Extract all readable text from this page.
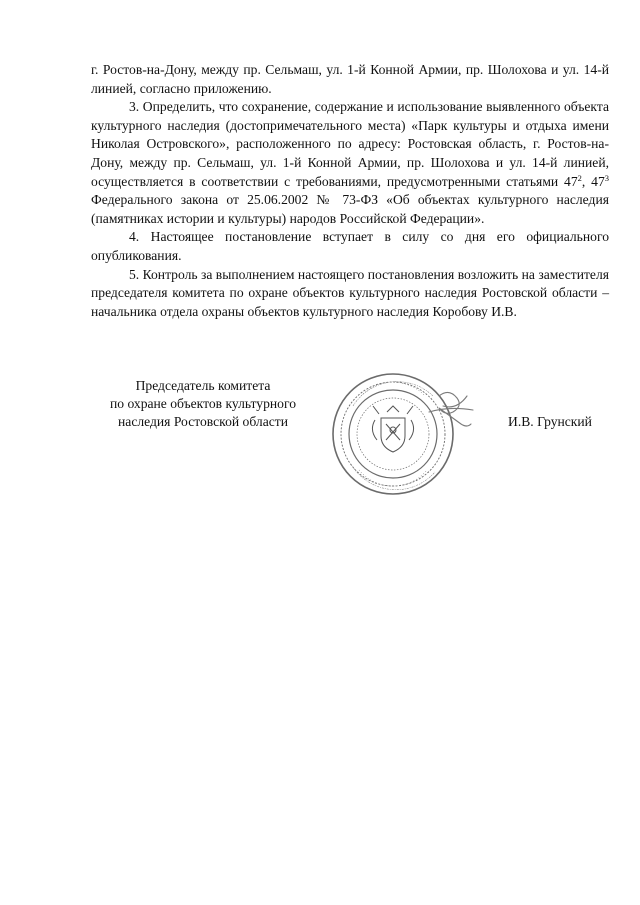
г. Ростов-на-Дону, между пр. Сельмаш, ул. 1-й Конной Армии, пр. Шолохова и ул. 14-й линией, согласно приложению.

3. Определить, что сохранение, содержание и использование выявленного объекта культурного наследия (достопримечательного места) «Парк культуры и отдыха имени Николая Островского», расположенного по адресу: Ростовская область, г. Ростов-на-Дону, между пр. Сельмаш, ул. 1-й Конной Армии, пр. Шолохова и ул. 14-й линией, осуществляется в соответствии с требованиями, предусмотренными статьями $47^2$, $47^3$ Федерального закона от 25.06.2002 № 73-ФЗ «Об объектах культурного наследия (памятниках истории и культуры) народов Российской Федерации».

4. Настоящее постановление вступает в силу со дня его официального опубликования.

5. Контроль за выполнением настоящего постановления возложить на заместителя председателя комитета по охране объектов культурного наследия Ростовской области – начальника отдела охраны объектов культурного наследия Коробову И.В.

Председатель комитета
по охране объектов культурного
наследия Ростовской области	И.В. Грунский
